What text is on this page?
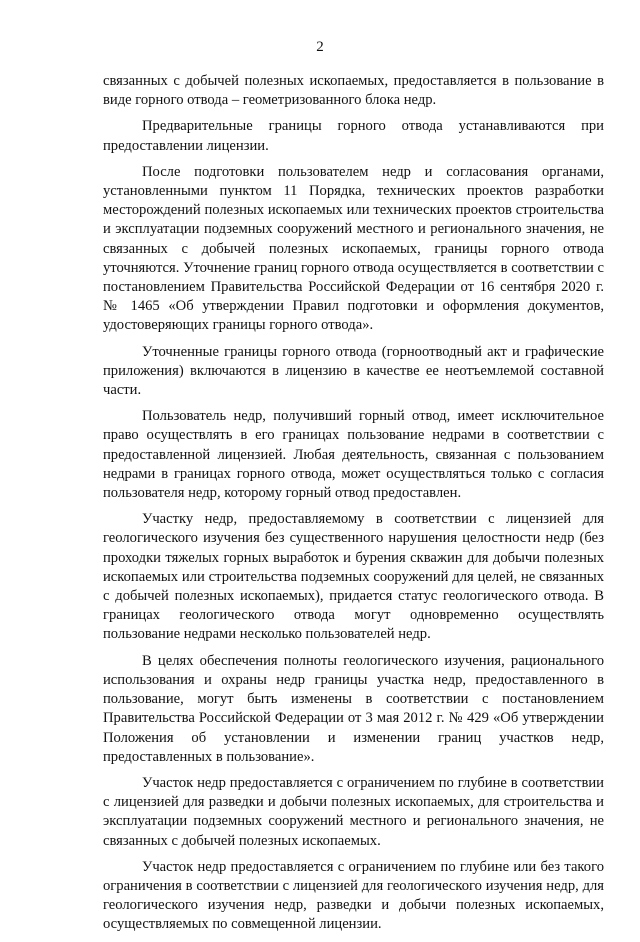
2

связанных с добычей полезных ископаемых, предоставляется в пользование в виде горного отвода – геометризованного блока недр.

Предварительные границы горного отвода устанавливаются при предоставлении лицензии.

После подготовки пользователем недр и согласования органами, установленными пунктом 11 Порядка, технических проектов разработки месторождений полезных ископаемых или технических проектов строительства и эксплуатации подземных сооружений местного и регионального значения, не связанных с добычей полезных ископаемых, границы горного отвода уточняются. Уточнение границ горного отвода осуществляется в соответствии с постановлением Правительства Российской Федерации от 16 сентября 2020 г. № 1465 «Об утверждении Правил подготовки и оформления документов, удостоверяющих границы горного отвода».

Уточненные границы горного отвода (горноотводный акт и графические приложения) включаются в лицензию в качестве ее неотъемлемой составной части.

Пользователь недр, получивший горный отвод, имеет исключительное право осуществлять в его границах пользование недрами в соответствии с предоставленной лицензией. Любая деятельность, связанная с пользованием недрами в границах горного отвода, может осуществляться только с согласия пользователя недр, которому горный отвод предоставлен.

Участку недр, предоставляемому в соответствии с лицензией для геологического изучения без существенного нарушения целостности недр (без проходки тяжелых горных выработок и бурения скважин для добычи полезных ископаемых или строительства подземных сооружений для целей, не связанных с добычей полезных ископаемых), придается статус геологического отвода. В границах геологического отвода могут одновременно осуществлять пользование недрами несколько пользователей недр.

В целях обеспечения полноты геологического изучения, рационального использования и охраны недр границы участка недр, предоставленного в пользование, могут быть изменены в соответствии с постановлением Правительства Российской Федерации от 3 мая 2012 г. № 429 «Об утверждении Положения об установлении и изменении границ участков недр, предоставленных в пользование».

Участок недр предоставляется с ограничением по глубине в соответствии с лицензией для разведки и добычи полезных ископаемых, для строительства и эксплуатации подземных сооружений местного и регионального значения, не связанных с добычей полезных ископаемых.

Участок недр предоставляется с ограничением по глубине или без такого ограничения в соответствии с лицензией для геологического изучения недр, для геологического изучения недр, разведки и добычи полезных ископаемых, осуществляемых по совмещенной лицензии.
